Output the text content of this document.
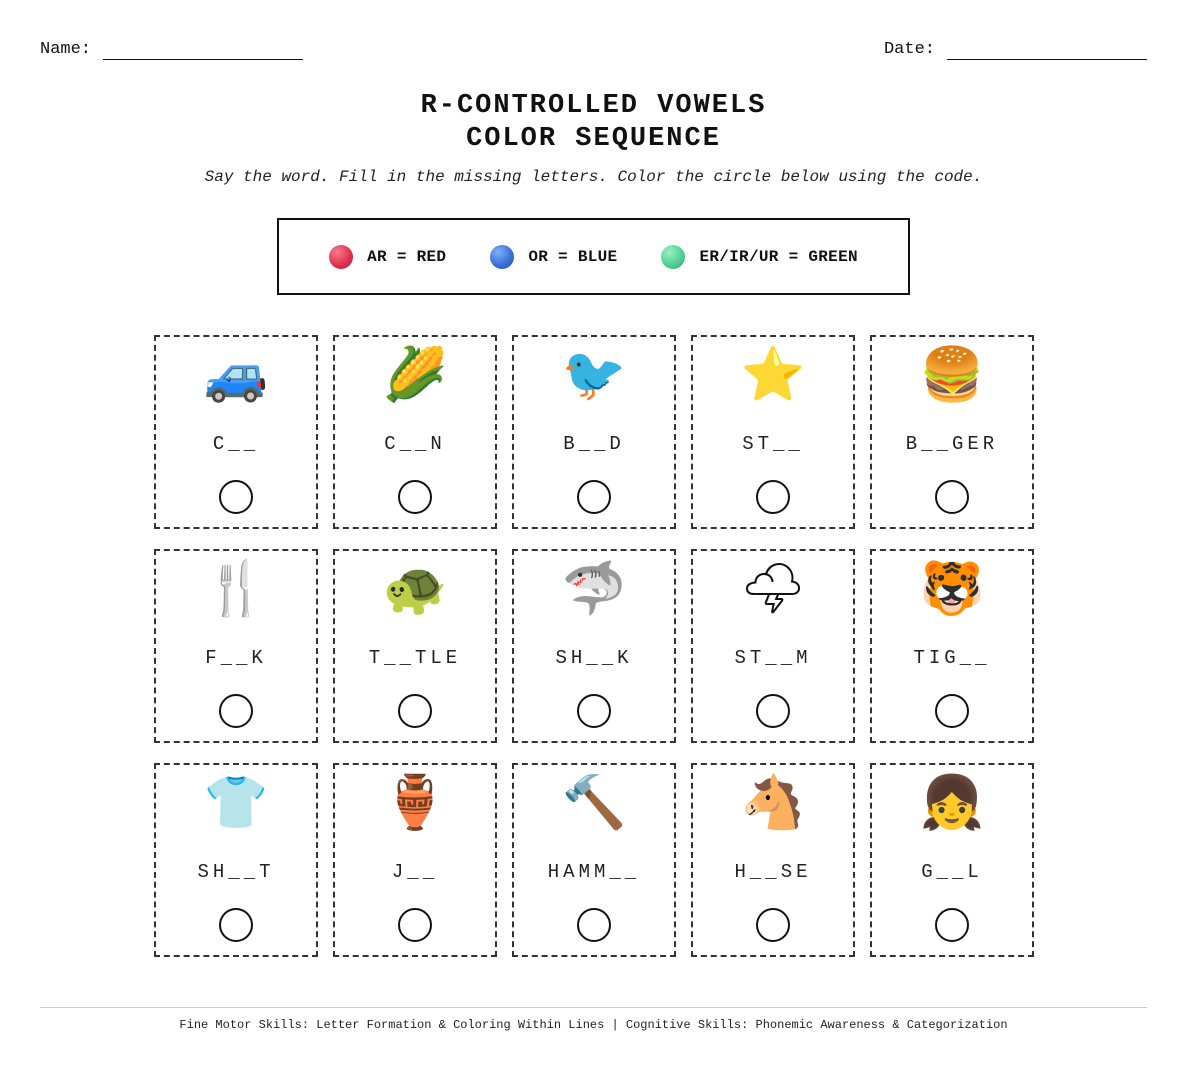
Name:	Date:
R-CONTROLLED VOWELS
COLOR SEQUENCE
Say the word. Fill in the missing letters. Color the circle below using the code.
AR = RED	OR = BLUE	ER/IR/UR = GREEN
🚙
C__
🌽
C__N
🐦
B__D
⭐
ST__
🍔
B__GER
🍴
F__K
🐢
T__TLE
🦈
SH__K
🌩
ST__M
🐯
TIG__
👕
SH__T
🏺
J__
🔨
HAMM__
🐴
H__SE
👧
G__L
Fine Motor Skills: Letter Formation & Coloring Within Lines | Cognitive Skills: Phonemic Awareness & Categorization
